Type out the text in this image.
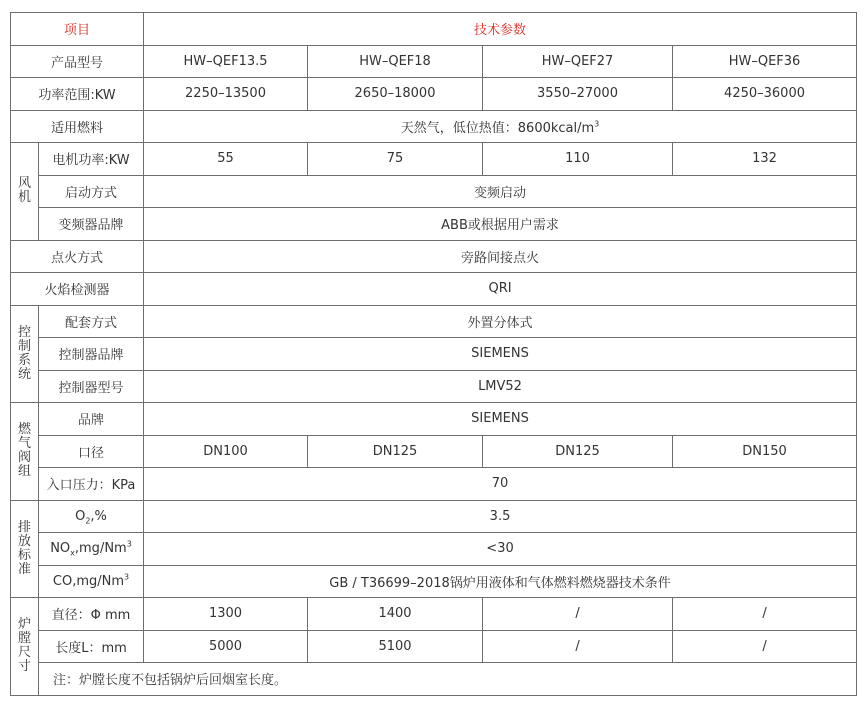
项目		技术参数			
产品型号		HW–QEF13.5	HW–QEF18	HW–QEF27	HW–QEF36
功率范围:KW		2250–13500	2650–18000	3550–27000	4250–36000
适用燃料		天然气，低位热值：$8600kcal/m^3$
风机	电机功率:KW	55	75	110	132
	启动方式	变频启动			
	变频器品牌	ABB或根据用户需求			
点火方式		旁路间接点火			
火焰检测器		QRI			
控制系统	配套方式	外置分体式			
	控制器品牌	SIEMENS			
	控制器型号	LMV52			
燃气阀组	品牌	SIEMENS			
	口径	DN100	DN125	DN125	DN150
	入口压力：KPa	70			
排放标准	$O_2,\%$	3.5			
	$NO_x,mg/Nm^3$	<30			
	CO,mg/Nm$^3$	GB / T36699–2018锅炉用液体和气体燃料燃烧器技术条件			
炉膛尺寸	直径：Φ mm	1300	1400	/	/
	长度L：mm	5000	5100	/	/
	注：炉膛长度不包括锅炉后回烟室长度。				
